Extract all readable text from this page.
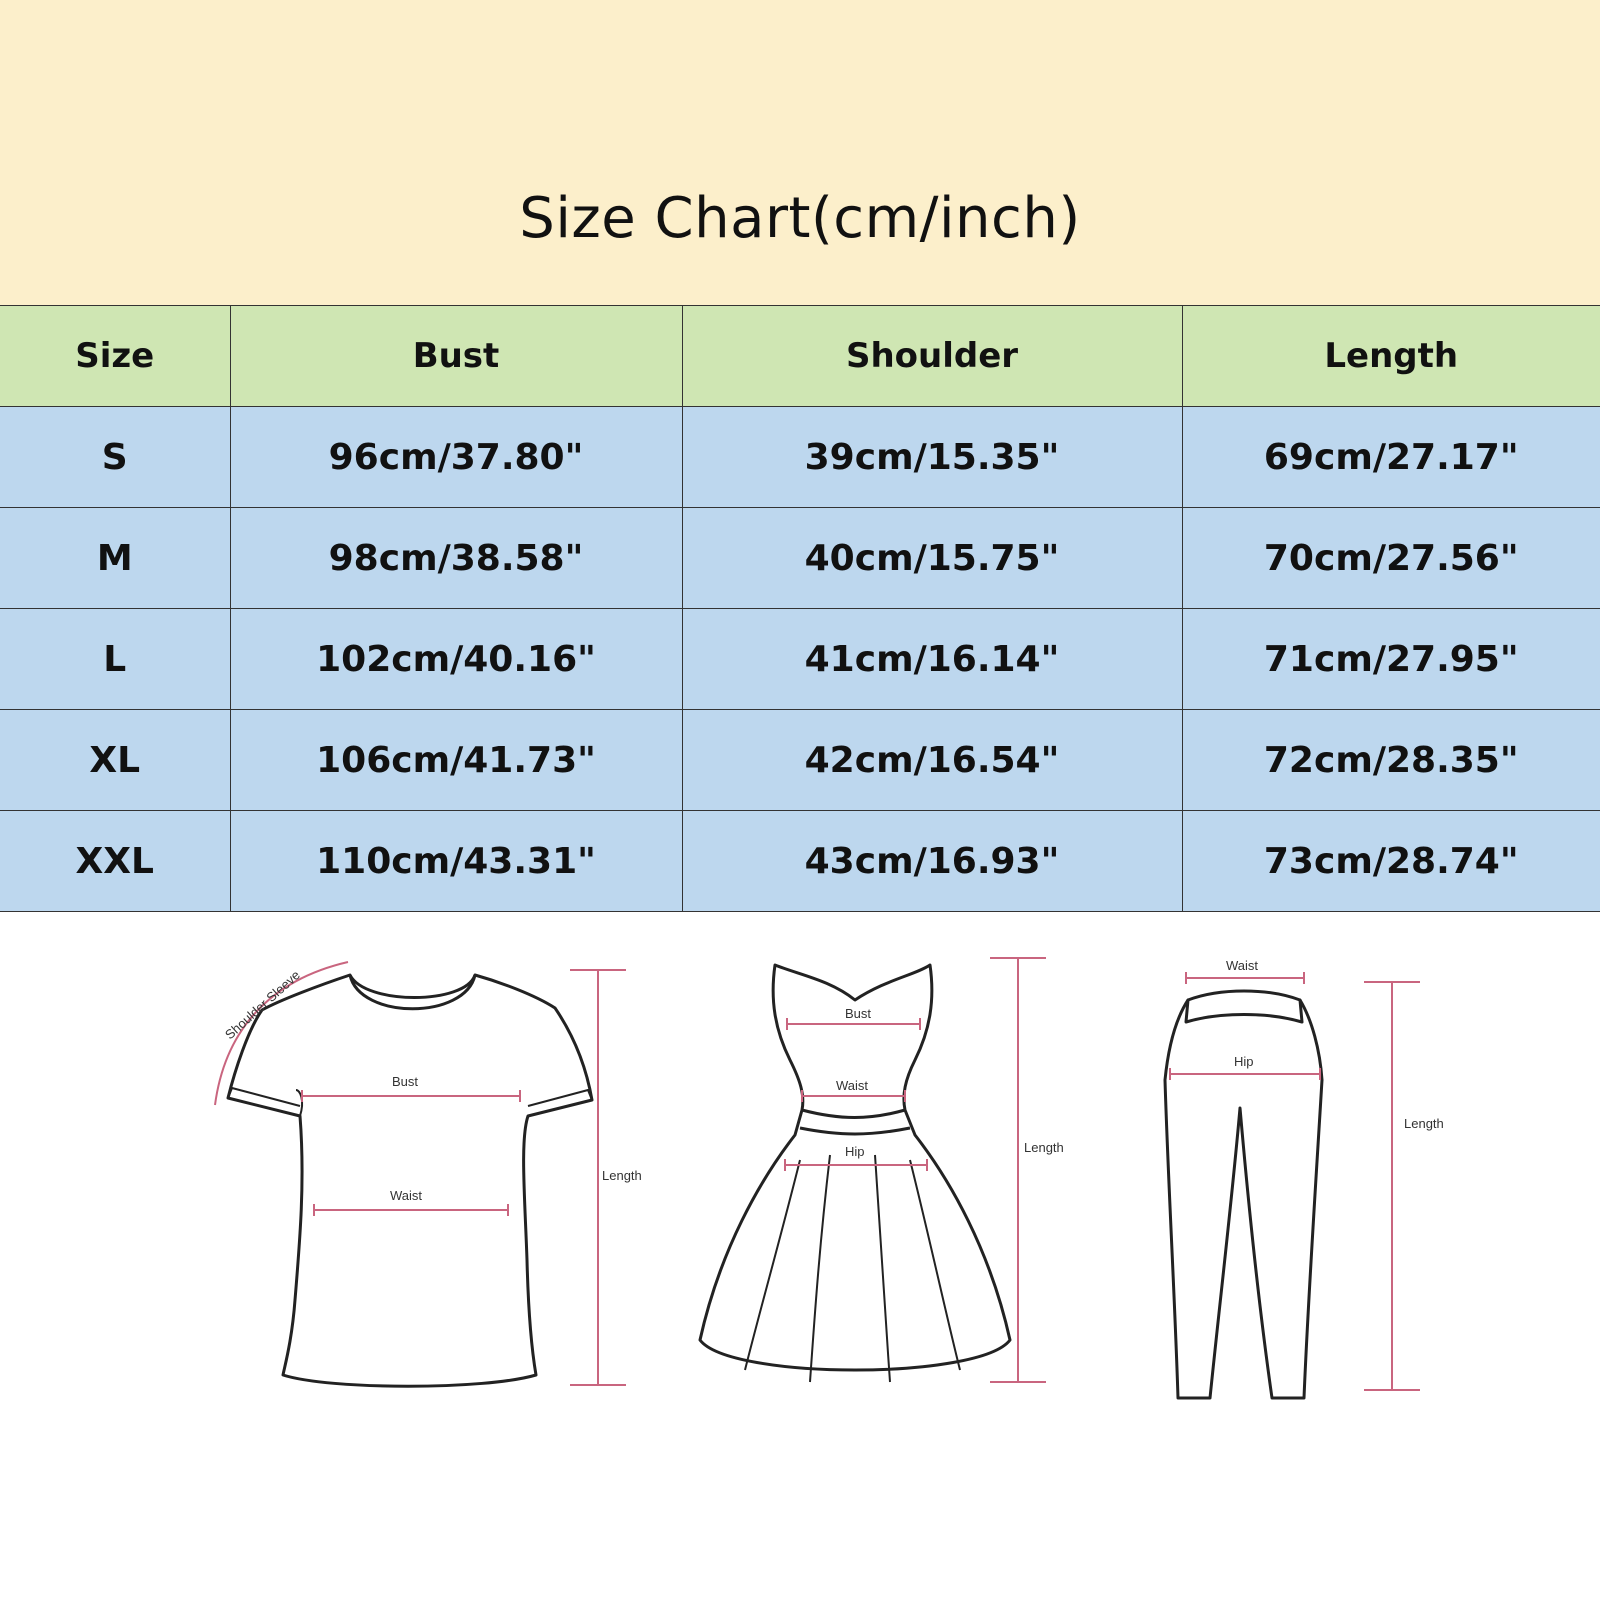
Size Chart(cm/inch)
Size	Bust	Shoulder	Length
S	96cm/37.80"	39cm/15.35"	69cm/27.17"
M	98cm/38.58"	40cm/15.75"	70cm/27.56"
L	102cm/40.16"	41cm/16.14"	71cm/27.95"
XL	106cm/41.73"	42cm/16.54"	72cm/28.35"
XXL	110cm/43.31"	43cm/16.93"	73cm/28.74"
Shoulder Sleeve
Bust
Waist
Length
Bust
Waist
Hip	Length
Waist
Hip
Length
